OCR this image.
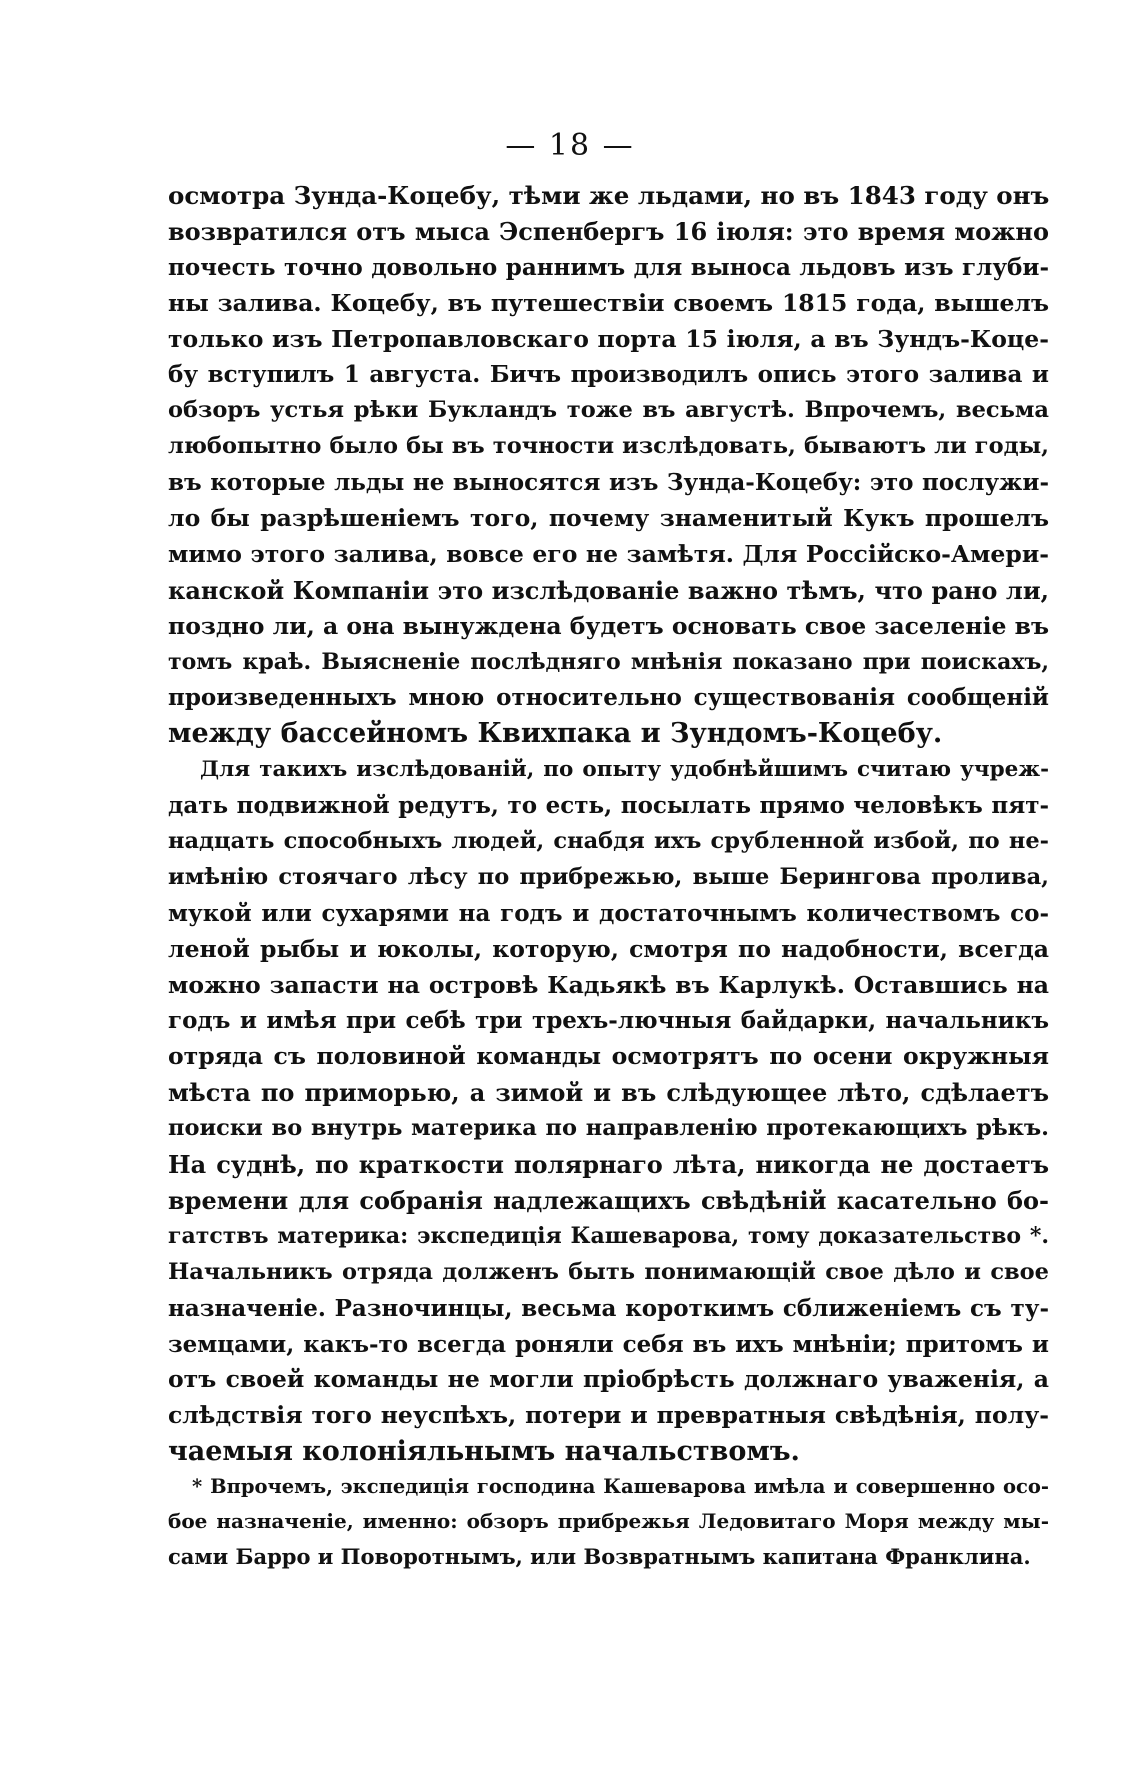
— 18 —
осмотра Зунда-Коцебу, тѣми же льдами, но въ 1843 году онъ
возвратился отъ мыса Эспенбергъ 16 іюля: это время можно
почесть точно довольно раннимъ для выноса льдовъ изъ глуби-
ны залива. Коцебу, въ путешествіи своемъ 1815 года, вышелъ
только изъ Петропавловскаго порта 15 іюля, а въ Зундъ-Коце-
бу вступилъ 1 августа. Бичъ производилъ опись этого залива и
обзоръ устья рѣки Букландъ тоже въ августѣ. Впрочемъ, весьма
любопытно было бы въ точности изслѣдовать, бываютъ ли годы,
въ которые льды не выносятся изъ Зунда-Коцебу: это послужи-
ло бы разрѣшеніемъ того, почему знаменитый Кукъ прошелъ
мимо этого залива, вовсе его не замѣтя. Для Россійско-Амери-
канской Компаніи это изслѣдованіе важно тѣмъ, что рано ли,
поздно ли, а она вынуждена будетъ основать свое заселеніе въ
томъ краѣ. Выясненіе послѣдняго мнѣнія показано при поискахъ,
произведенныхъ мною относительно существованія сообщеній
между бассейномъ Квихпака и Зундомъ-Коцебу.
Для такихъ изслѣдованій, по опыту удобнѣйшимъ считаю учреж-
дать подвижной редутъ, то есть, посылать прямо человѣкъ пят-
надцать способныхъ людей, снабдя ихъ срубленной избой, по не-
имѣнію стоячаго лѣсу по прибрежью, выше Берингова пролива,
мукой или сухарями на годъ и достаточнымъ количествомъ со-
леной рыбы и юколы, которую, смотря по надобности, всегда
можно запасти на островѣ Кадьякѣ въ Карлукѣ. Оставшись на
годъ и имѣя при себѣ три трехъ-лючныя байдарки, начальникъ
отряда съ половиной команды осмотрятъ по осени окружныя
мѣста по приморью, а зимой и въ слѣдующее лѣто, сдѣлаетъ
поиски во внутрь материка по направленію протекающихъ рѣкъ.
На суднѣ, по краткости полярнаго лѣта, никогда не достаетъ
времени для собранія надлежащихъ свѣдѣній касательно бо-
гатствъ материка: экспедиція Кашеварова, тому доказательство *.
Начальникъ отряда долженъ быть понимающій свое дѣло и свое
назначеніе. Разночинцы, весьма короткимъ сближеніемъ съ ту-
земцами, какъ-то всегда роняли себя въ ихъ мнѣніи; притомъ и
отъ своей команды не могли пріобрѣсть должнаго уваженія, а
слѣдствія того неуспѣхъ, потери и превратныя свѣдѣнія, полу-
чаемыя колоніяльнымъ начальствомъ.
* Впрочемъ, экспедиція господина Кашеварова имѣла и совершенно осо-
бое назначеніе, именно: обзоръ прибрежья Ледовитаго Моря между мы-
сами Барро и Поворотнымъ, или Возвратнымъ капитана Франклина.
